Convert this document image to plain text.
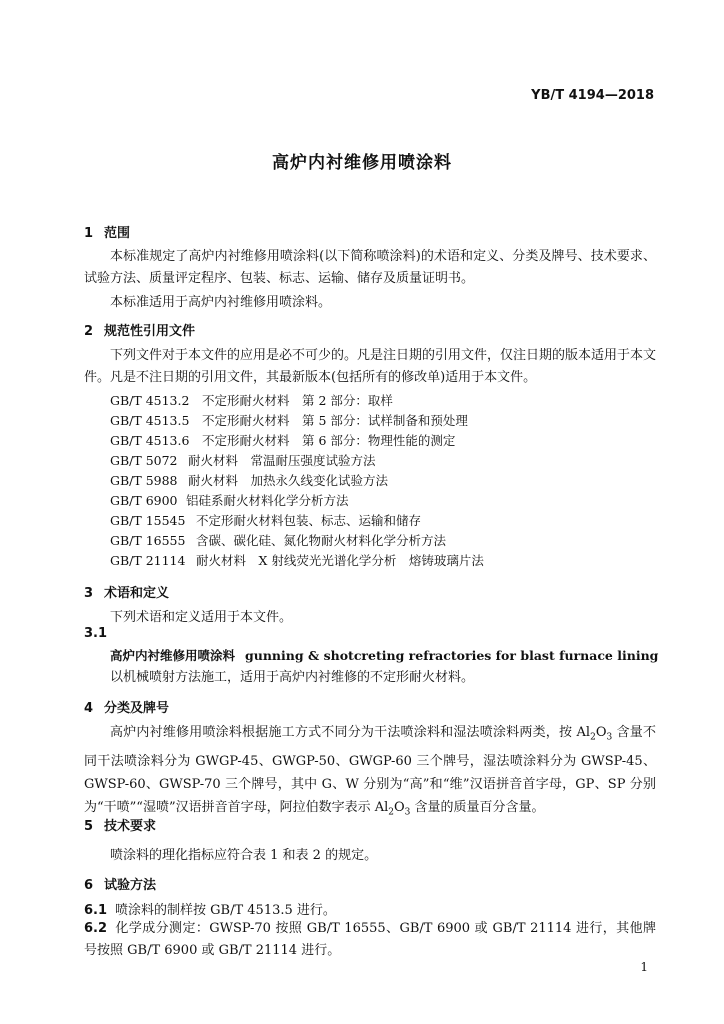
YB/T 4194—2018
高炉内衬维修用喷涂料
1 范围
本标准规定了高炉内衬维修用喷涂料(以下简称喷涂料)的术语和定义、分类及牌号、技术要求、试验方法、质量评定程序、包装、标志、运输、储存及质量证明书。
本标准适用于高炉内衬维修用喷涂料。
2 规范性引用文件
下列文件对于本文件的应用是必不可少的。凡是注日期的引用文件，仅注日期的版本适用于本文件。凡是不注日期的引用文件，其最新版本(包括所有的修改单)适用于本文件。
GB/T 4513.2 不定形耐火材料　第 2 部分：取样
GB/T 4513.5 不定形耐火材料　第 5 部分：试样制备和预处理
GB/T 4513.6 不定形耐火材料　第 6 部分：物理性能的测定
GB/T 5072 耐火材料　常温耐压强度试验方法
GB/T 5988 耐火材料　加热永久线变化试验方法
GB/T 6900 铝硅系耐火材料化学分析方法
GB/T 15545 不定形耐火材料包装、标志、运输和储存
GB/T 16555 含碳、碳化硅、氮化物耐火材料化学分析方法
GB/T 21114 耐火材料　X 射线荧光光谱化学分析　熔铸玻璃片法
3 术语和定义
下列术语和定义适用于本文件。
3.1
高炉内衬维修用喷涂料 gunning & shotcreting refractories for blast furnace lining
以机械喷射方法施工，适用于高炉内衬维修的不定形耐火材料。
4 分类及牌号
高炉内衬维修用喷涂料根据施工方式不同分为干法喷涂料和湿法喷涂料两类，按 $Al_2O_3$ 含量不同干法喷涂料分为 GWGP-45、GWGP-50、GWGP-60 三个牌号，湿法喷涂料分为 GWSP-45、GWSP-60、GWSP-70 三个牌号，其中 G、W 分别为“高”和“维”汉语拼音首字母，GP、SP 分别为“干喷”“湿喷”汉语拼音首字母，阿拉伯数字表示 $Al_2O_3$ 含量的质量百分含量。
5 技术要求
喷涂料的理化指标应符合表 1 和表 2 的规定。
6 试验方法
6.1 喷涂料的制样按 GB/T 4513.5 进行。
6.2 化学成分测定：GWSP-70 按照 GB/T 16555、GB/T 6900 或 GB/T 21114 进行，其他牌号按照 GB/T 6900 或 GB/T 21114 进行。
1
